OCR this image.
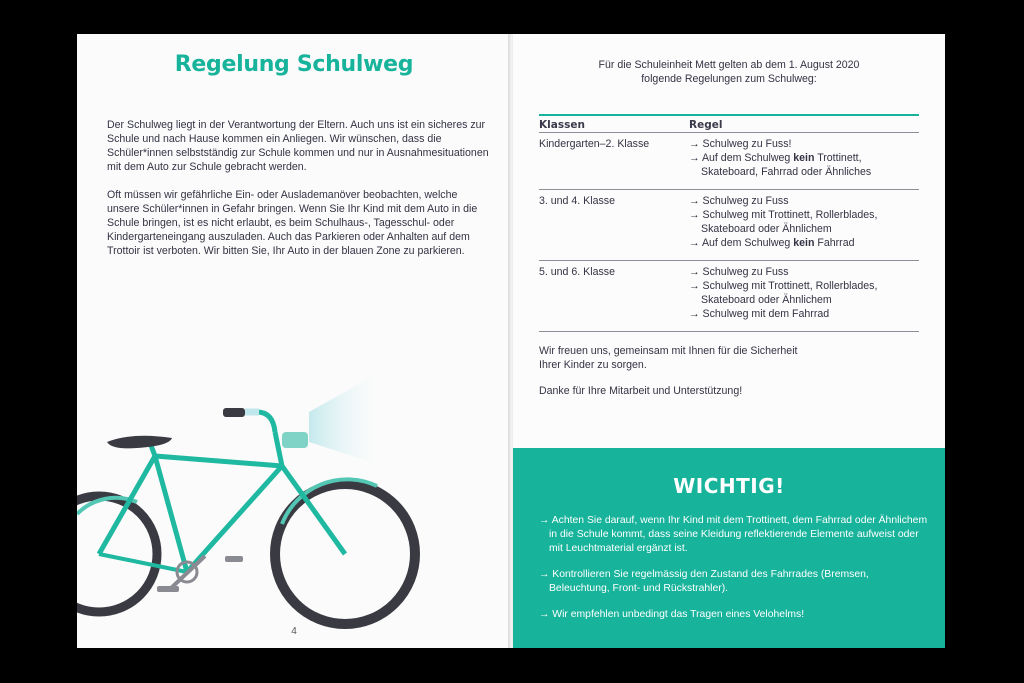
Regelung Schulweg

Der Schulweg liegt in der Verantwortung der Eltern. Auch uns ist ein sicheres zur Schule und nach Hause kommen ein Anliegen. Wir wünschen, dass die Schüler*innen selbstständig zur Schule kommen und nur in Ausnahmesituationen mit dem Auto zur Schule gebracht werden.

Oft müssen wir gefährliche Ein- oder Auslademanöver beobachten, welche unsere Schüler*innen in Gefahr bringen. Wenn Sie Ihr Kind mit dem Auto in die Schule bringen, ist es nicht erlaubt, es beim Schulhaus-, Tagesschul- oder Kindergarteneingang auszuladen. Auch das Parkieren oder Anhalten auf dem Trottoir ist verboten. Wir bitten Sie, Ihr Auto in der blauen Zone zu parkieren.

4
Für die Schuleinheit Mett gelten ab dem 1. August 2020
folgende Regelungen zum Schulweg:
Klassen	Regel
Kindergarten–2. Klasse	→ Schulweg zu Fuss!
→ Auf dem Schulweg kein Trottinett, Skateboard, Fahrrad oder Ähnliches
3. und 4. Klasse	→ Schulweg zu Fuss
→ Schulweg mit Trottinett, Rollerblades, Skateboard oder Ähnlichem
→ Auf dem Schulweg kein Fahrrad
5. und 6. Klasse	→ Schulweg zu Fuss
→ Schulweg mit Trottinett, Rollerblades, Skateboard oder Ähnlichem
→ Schulweg mit dem Fahrrad
Wir freuen uns, gemeinsam mit Ihnen für die Sicherheit
Ihrer Kinder zu sorgen.
Danke für Ihre Mitarbeit und Unterstützung!
WICHTIG!
→ Achten Sie darauf, wenn Ihr Kind mit dem Trottinett, dem Fahrrad oder Ähnlichem in die Schule kommt, dass seine Kleidung reflektierende Elemente aufweist oder mit Leuchtmaterial ergänzt ist.
→ Kontrollieren Sie regelmässig den Zustand des Fahrrades (Bremsen, Beleuchtung, Front- und Rückstrahler).
→ Wir empfehlen unbedingt das Tragen eines Velohelms!
